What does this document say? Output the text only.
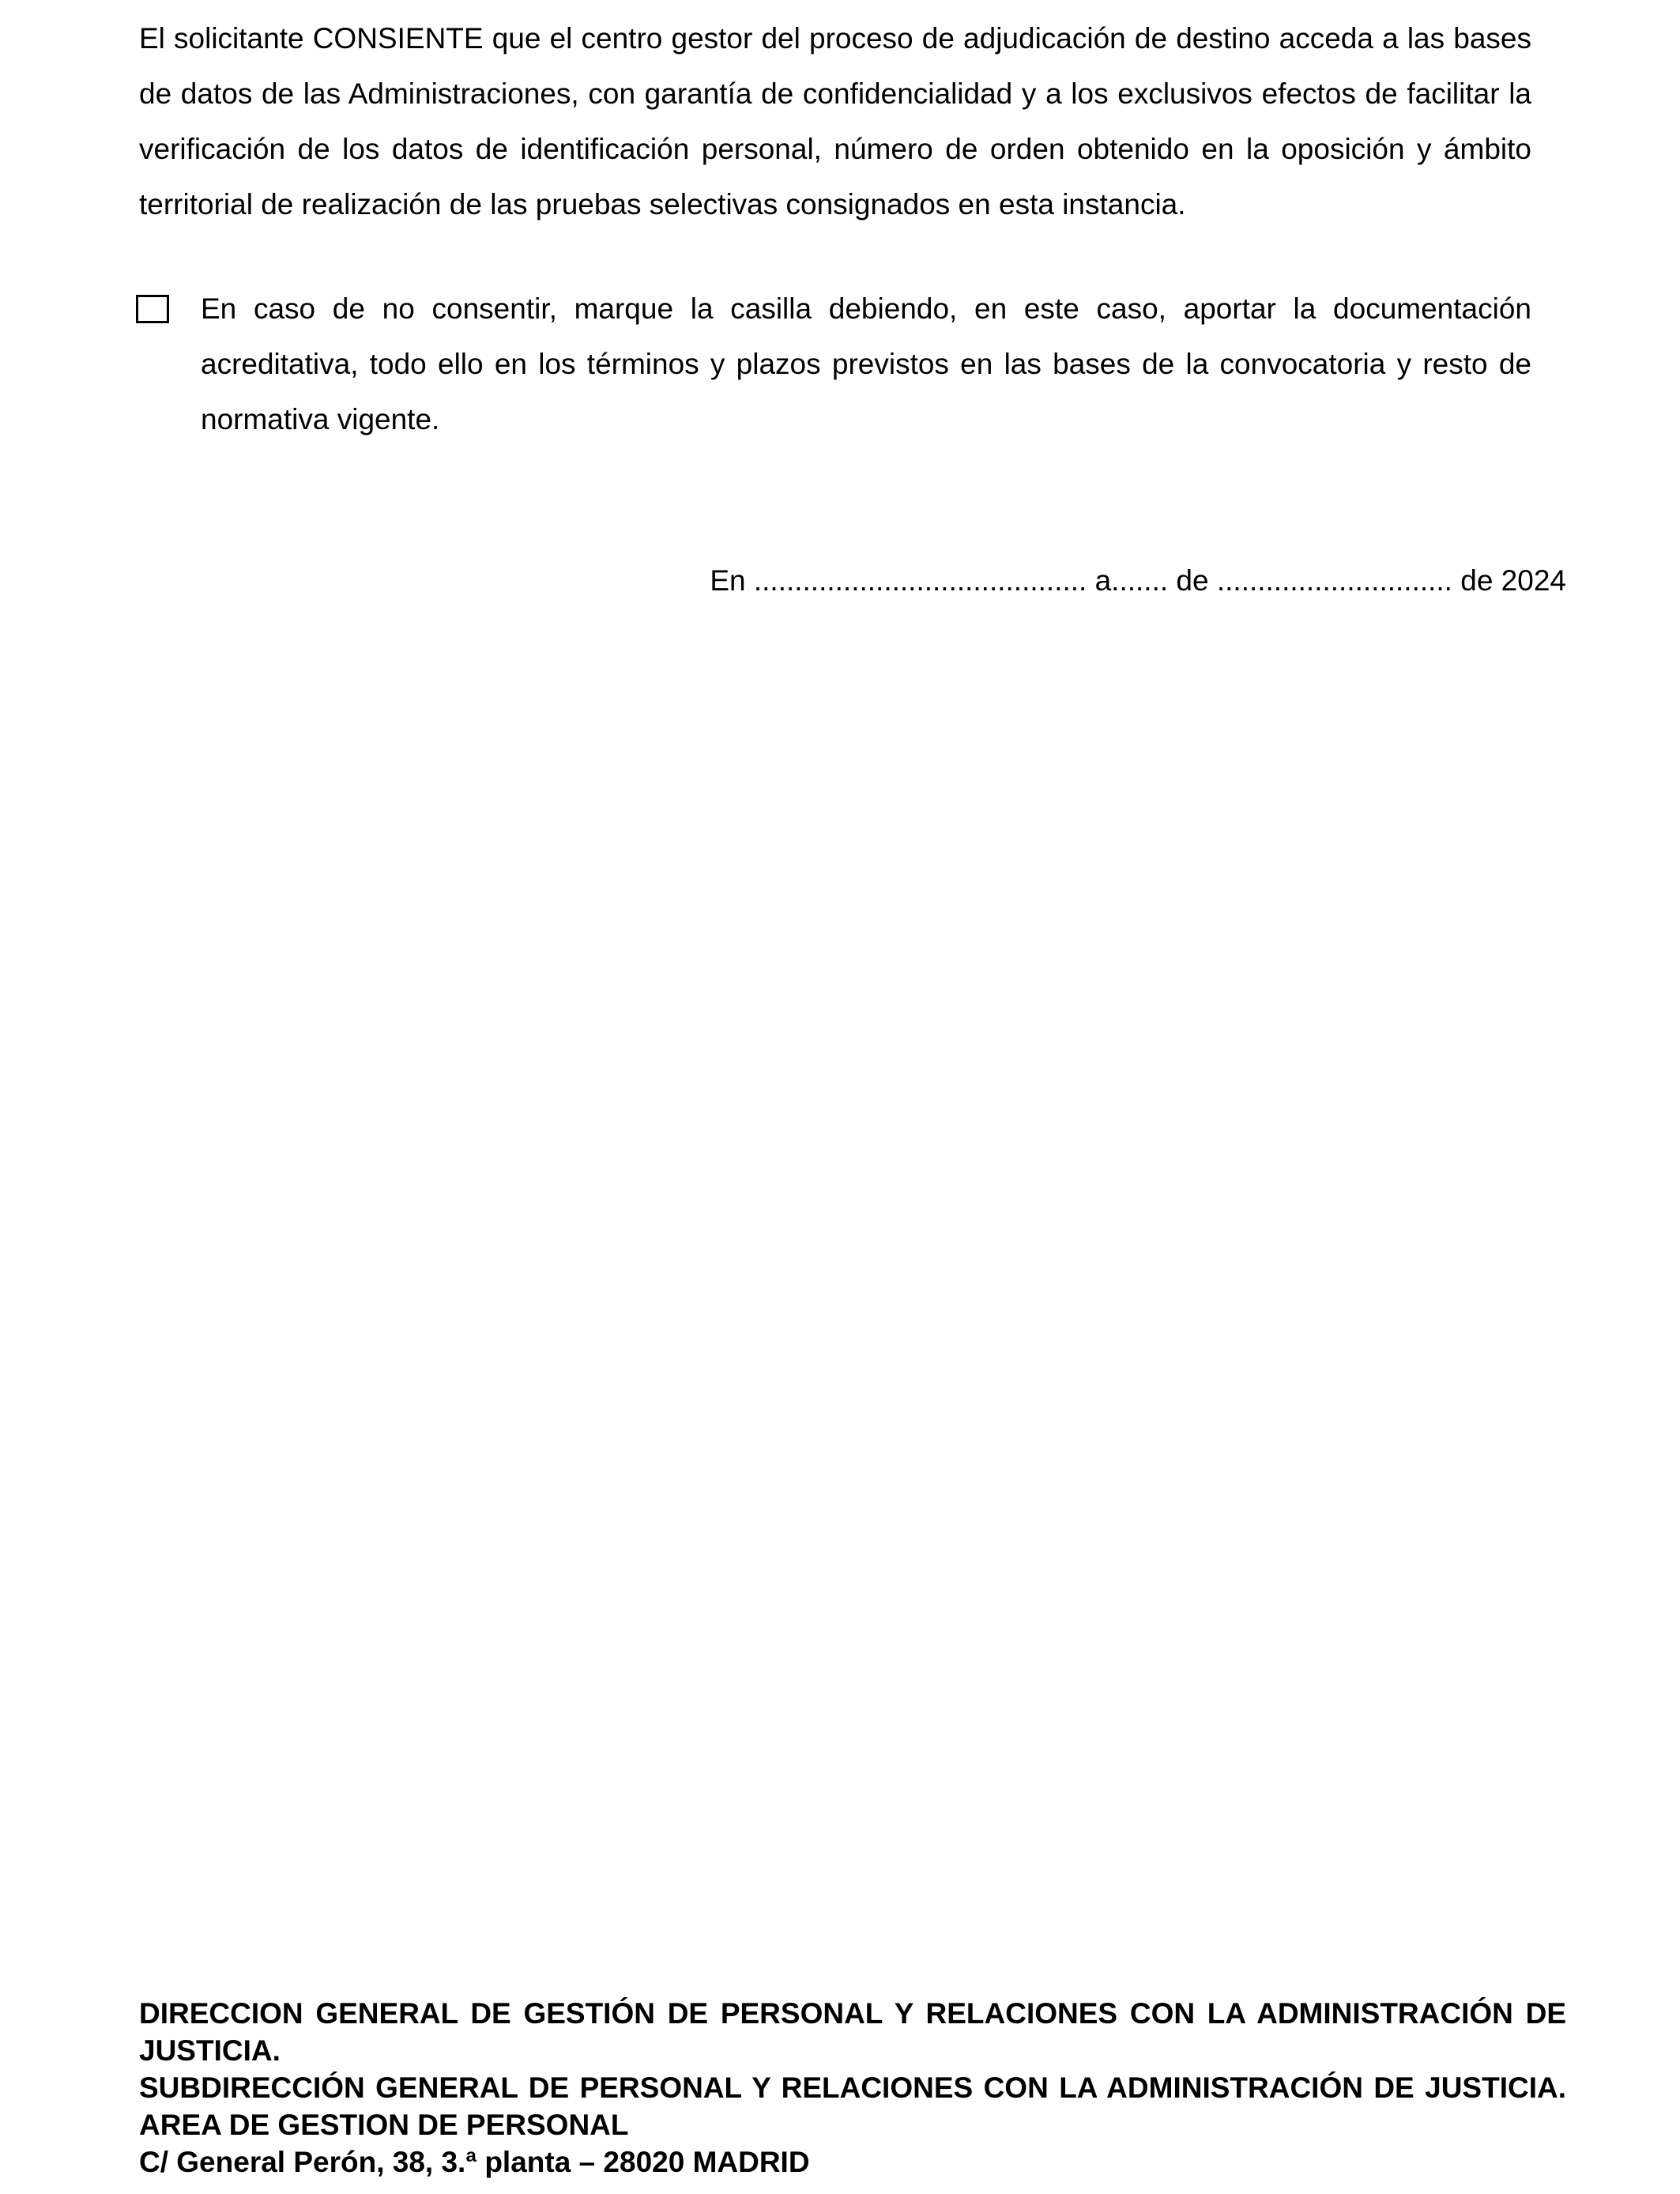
El solicitante CONSIENTE que el centro gestor del proceso de adjudicación de destino acceda a las bases de datos de las Administraciones, con garantía de confidencialidad y a los exclusivos efectos de facilitar la verificación de los datos de identificación personal, número de orden obtenido en la oposición y ámbito territorial de realización de las pruebas selectivas consignados en esta instancia.

En caso de no consentir, marque la casilla debiendo, en este caso, aportar la documentación acreditativa, todo ello en los términos y plazos previstos en las bases de la convocatoria y resto de normativa vigente.

En ......................................... a....... de ............................. de 2024

DIRECCION GENERAL DE GESTIÓN DE PERSONAL Y RELACIONES CON LA ADMINISTRACIÓN DE JUSTICIA.

SUBDIRECCIÓN GENERAL DE PERSONAL Y RELACIONES CON LA ADMINISTRACIÓN DE JUSTICIA. AREA DE GESTION DE PERSONAL

C/ General Perón, 38, 3.ª planta – 28020 MADRID
